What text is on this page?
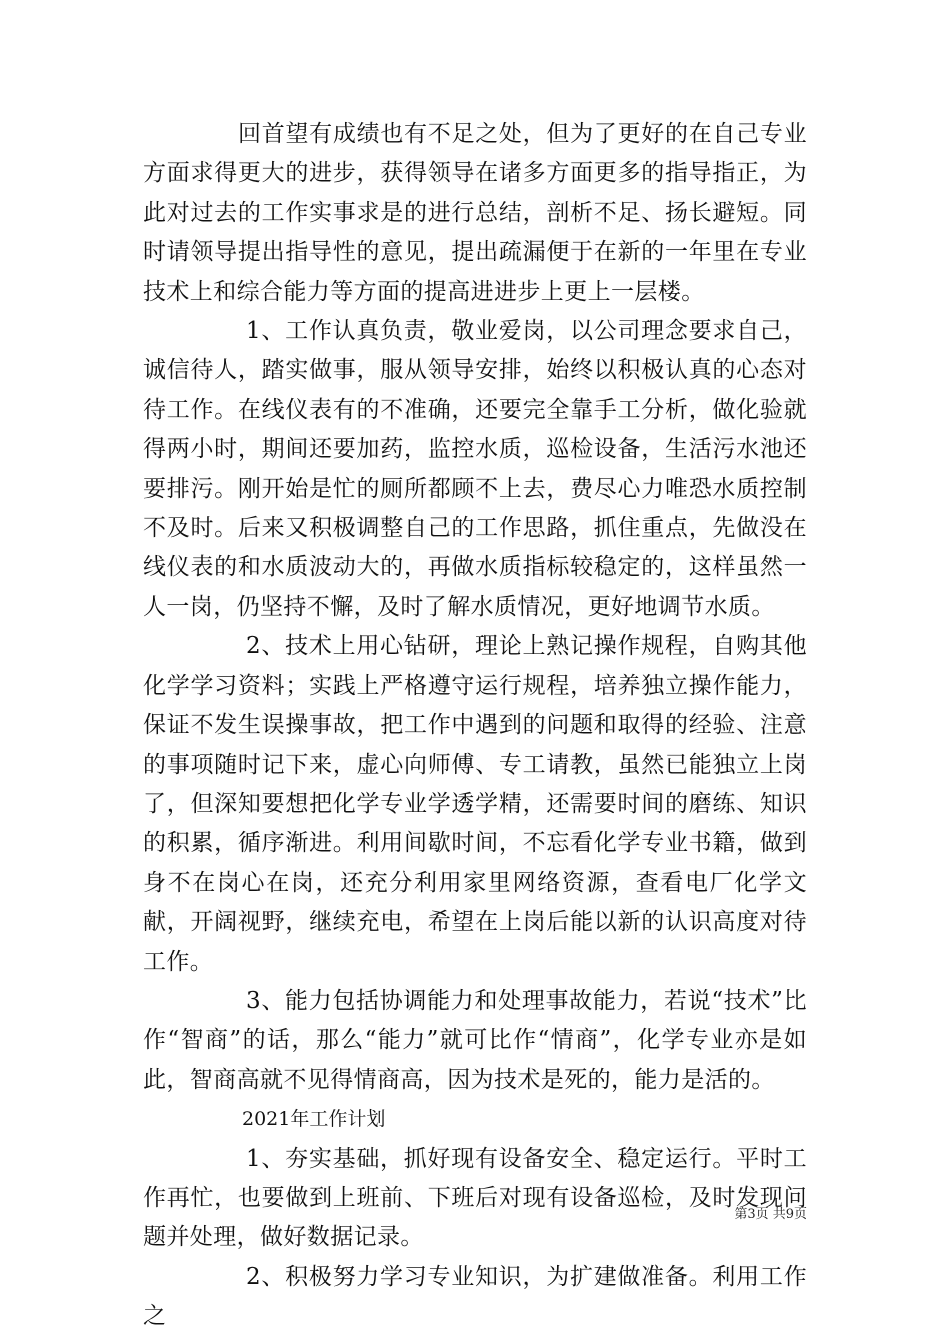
回首望有成绩也有不足之处，但为了更好的在自己专业方面求得更大的进步，获得领导在诸多方面更多的指导指正，为此对过去的工作实事求是的进行总结，剖析不足、扬长避短。同时请领导提出指导性的意见，提出疏漏便于在新的一年里在专业技术上和综合能力等方面的提高进进步上更上一层楼。

1、工作认真负责，敬业爱岗，以公司理念要求自己，诚信待人，踏实做事，服从领导安排，始终以积极认真的心态对待工作。在线仪表有的不准确，还要完全靠手工分析，做化验就得两小时，期间还要加药，监控水质，巡检设备，生活污水池还要排污。刚开始是忙的厕所都顾不上去，费尽心力唯恐水质控制不及时。后来又积极调整自己的工作思路，抓住重点，先做没在线仪表的和水质波动大的，再做水质指标较稳定的，这样虽然一人一岗，仍坚持不懈，及时了解水质情况，更好地调节水质。

2、技术上用心钻研，理论上熟记操作规程，自购其他化学学习资料；实践上严格遵守运行规程，培养独立操作能力，保证不发生误操事故，把工作中遇到的问题和取得的经验、注意的事项随时记下来，虚心向师傅、专工请教，虽然已能独立上岗了，但深知要想把化学专业学透学精，还需要时间的磨练、知识的积累，循序渐进。利用间歇时间，不忘看化学专业书籍，做到身不在岗心在岗，还充分利用家里网络资源，查看电厂化学文献，开阔视野，继续充电，希望在上岗后能以新的认识高度对待工作。

3、能力包括协调能力和处理事故能力，若说“技术”比作“智商”的话，那么“能力”就可比作“情商”，化学专业亦是如此，智商高就不见得情商高，因为技术是死的，能力是活的。

2021年工作计划

1、夯实基础，抓好现有设备安全、稳定运行。平时工作再忙，也要做到上班前、下班后对现有设备巡检，及时发现问题并处理，做好数据记录。

2、积极努力学习专业知识，为扩建做准备。利用工作之

第3页 共9页
